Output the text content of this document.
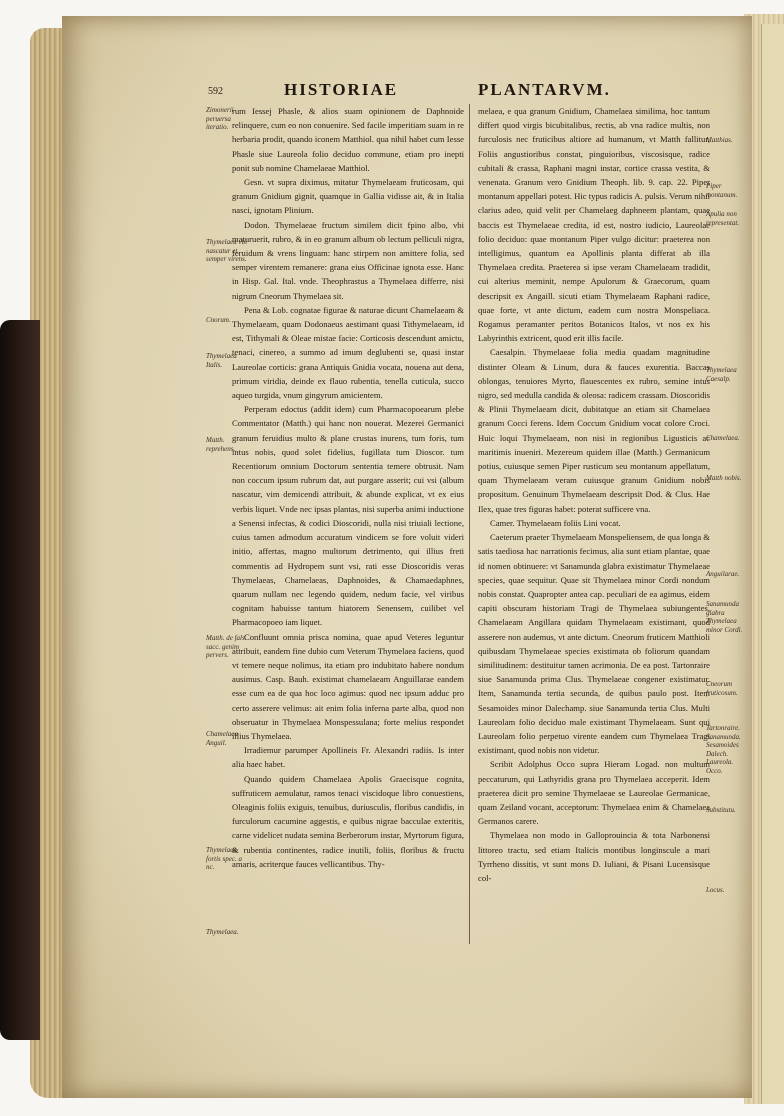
592	HISTORIAE	PLANTARVM.

rum Iessej Phasle, & alios suam opinionem de Daphnoide relinquere, cum eo non conuenire. Sed facile imperitiam suam in re herbaria prodit, quando iconem Matthiol. qua nihil habet cum Iesse Phasle siue Laureola folio deciduo commune, etiam pro inepti ponit sub nomine Chamelaeae Matthiol.

Gesn. vt supra diximus, mitatur Thymelaeam fruticosam, qui granum Gnidium gignit, quamque in Gallia vidisse ait, & in Italia nasci, ignotam Plinium.

Dodon. Thymelaeae fructum similem dicit fpino albo, vbi maturuerit, rubro, & in eo granum album ob lectum pelliculi nigra, feruidum & vrens linguam: hanc stirpem non amittere folia, sed semper virentem remanere: grana eius Officinae ignota esse. Hanc in Hisp. Gal. Ital. vnde. Theophrastus a Thymelaea differre, nisi nigrum Cneorum Thymelaea sit.

Pena & Lob. cognatae figurae & naturae dicunt Chamelaeam & Thymelaeam, quam Dodonaeus aestimant quasi Tithymelaeam, id est, Tithymali & Oleae mistae facie: Corticosis descendunt amictu, tenaci, cinereo, a summo ad imum deglubenti se, quasi instar Laureolae corticis: grana Antiquis Gnidia vocata, nouena aut dena, primum viridia, deinde ex flauo rubentia, tenella cuticula, succo aqueo turgida, vnum gingyrum amicientem.

Perperam edoctus (addit idem) cum Pharmacopoearum plebe Commentator (Matth.) qui hanc non nouerat. Mezerei Germanici granum feruidius multo & plane crustas inurens, tum foris, tum intus nobis, quod solet fidelius, fugillata tum Dioscor. tum Recentiorum omnium Doctorum sententia temere obtrusit. Nam non coccum ipsum rubrum dat, aut purgare asserit; cui vsi (album nascatur, vim demicendi attribuit, & abunde explicat, vt ex eius verbis liquet. Vnde nec ipsas plantas, nisi superba animi inductione a Senensi infectas, & codici Dioscoridi, nulla nisi triuiali lectione, cuius tamen admodum accuratum vindicem se fore voluit videri initio, affertas, magno multorum detrimento, qui illius freti commentis ad Hydropem sunt vsi, rati esse Dioscoridis veras Thymelaeas, Chamelaeas, Daphnoides, & Chamaedaphnes, quarum nullam nec legendo quidem, nedum facie, vel viribus cognitam habuisse tantum hiatorem Senensem, cuilibet vel Pharmacopoeo iam liquet.

Confluunt omnia prisca nomina, quae apud Veteres leguntur attribuit, eandem fine dubio cum Veterum Thymelaea faciens, quod vt temere neque nolimus, ita etiam pro indubitato habere nondum ausimus. Casp. Bauh. existimat chamelaeam Anguillarae eandem esse cum ea de qua hoc loco agimus: quod nec ipsum adduc pro certo asserere velimus: ait enim folia inferna parte alba, quod non obseruatur in Thymelaea Monspessulana; forte melius respondet illius Thymelaea.

Irradiemur parumper Apollineis Fr. Alexandri radiis. Is inter alia haec habet.

Quando quidem Chamelaea Apolis Graecisque cognita, suffruticem aemulatur, ramos tenaci viscidoque libro conuestiens, Oleaginis foliis exiguis, tenuibus, duriusculis, floribus candidis, in furculorum cacumine aggestis, e quibus nigrae bacculae exteritis, carne videlicet nudata semina Berberorum instar, Myrtorum figura, & rubentia continentes, radice inutili, foliis, floribus & fructu amaris, acriterque fauces vellicantibus. Thy-

melaea, e qua granum Gnidium, Chamelaea similima, hoc tantum differt quod virgis bicubitalibus, rectis, ab vna radice multis, non furculosis nec fruticibus altiore ad humanum, vt Matth fallitur, Foliis angustioribus constat, pinguioribus, viscosisque, radice cubitali & crassa, Raphani magni instar, cortice crassa vestita, & venenata. Granum vero Gnidium Theoph. lib. 9. cap. 22. Piper montanum appellari potest. Hic typus radicis A. pulsis. Verum nihil clarius adeo, quid velit per Chamelaeg daphneem plantam, quae baccis est Thymelaeae credita, id est, nostro iudicio, Laureolae folio deciduo: quae montanum Piper vulgo dicitur: praeterea non intelligimus, quantum ea Apollinis planta differat ab illa Thymelaea credita. Praeterea si ipse veram Chamelaeam tradidit, cui alterius meminit, nempe Apulorum & Graecorum, quam descripsit ex Angaill. sicuti etiam Thymelaeam Raphani radice, quae forte, vt ante dictum, eadem cum nostra Monspeliaca. Rogamus peramanter peritos Botanicos Italos, vt nos ex his Labyrinthis extricent, quod erit illis facile.

Caesalpin. Thymelaeae folia media quadam magnitudine distinter Oleam & Linum, dura & fauces exurentia. Baccas oblongas, tenuiores Myrto, flauescentes ex rubro, semine intus nigro, sed medulla candida & oleosa: radicem crassam. Dioscoridis & Plinii Thymelaeam dicit, dubitatque an etiam sit Chamelaea granum Cocci ferens. Idem Coccum Gnidium vocat colore Croci. Huic loqui Thymelaeam, non nisi in regionibus Ligusticis ac maritimis inueniri. Mezereum quidem illae (Matth.) Germanicum potius, cuiusque semen Piper rusticum seu montanum appellatum, quam Thymelaeam veram cuiusque granum Gnidium nobis propositum. Genuinum Thymelaeam descripsit Dod. & Clus. Hae Ilex, quae tres figuras habet: poterat sufficere vna.

Camer. Thymelaeam foliis Lini vocat.

Caeterum praeter Thymelaeam Monspeliensem, de qua longa & satis taediosa hac narrationis fecimus, alia sunt etiam plantae, quae id nomen obtinuere: vt Sanamunda glabra existimatur Thymelaeae species, quae sequitur. Quae sit Thymelaea minor Cordi nondum nobis constat. Quapropter antea cap. peculiari de ea agimus, eidem capiti obscuram historiam Tragi de Thymelaea subiungentes, Chamelaeam Angillara quidam Thymelaeam existimant, quod asserere non audemus, vt ante dictum. Cneorum fruticem Matthioli quibusdam Thymelaeae species existimata ob foliorum quandam similitudinem: destituitur tamen acrimonia. De ea post. Tartonraire siue Sanamunda prima Clus. Thymelaeae congener existimatur. Item, Sanamunda tertia secunda, de quibus paulo post. Item Sesamoides minor Dalechamp. siue Sanamunda tertia Clus. Multi Laureolam folio deciduo male existimant Thymelaeam. Sunt qui Laureolam folio perpetuo virente eandem cum Thymelaea Tragi existimant, quod nobis non videtur.

Scribit Adolphus Occo supra Hieram Logad. non multum peccaturum, qui Lathyridis grana pro Thymelaea acceperit. Idem praeterea dicit pro semine Thymelaeae se Laureolae Germanicae, quam Zeiland vocant, acceptorum: Thymelaea enim & Chamelaea Germanos carere.

Thymelaea non modo in Galloprouincia & tota Narbonensi littoreo tractu, sed etiam Italicis montibus longinscule a mari Tyrrheno dissitis, vt sunt mons D. Iuliani, & Pisani Lucensisque col-

Zimonerii peruersa iteratio.
Thymelaea vbi nascatur et semper virens.
Cnorum.
Thymelaea Italis.
Matth. reprehens.
Matth. de fals. sacc. genim pervers.
Chamelaea Anguil.
Thymelaea fortis spec. a nc.
Thymelaea.
Matthias.
Piper montanum.
Apulia non representat.
Thymelaea Caesalp.
Chamelaea.
Matth nobis.
Anguilarae.
Sanamunda glabra Thymelaea minor Cordi.
Cneorum fruticosum.
Tartonraire. Sanamunda. Sesamoides Dalech. Laureola. Occo.
Substitutu.
Locus.
